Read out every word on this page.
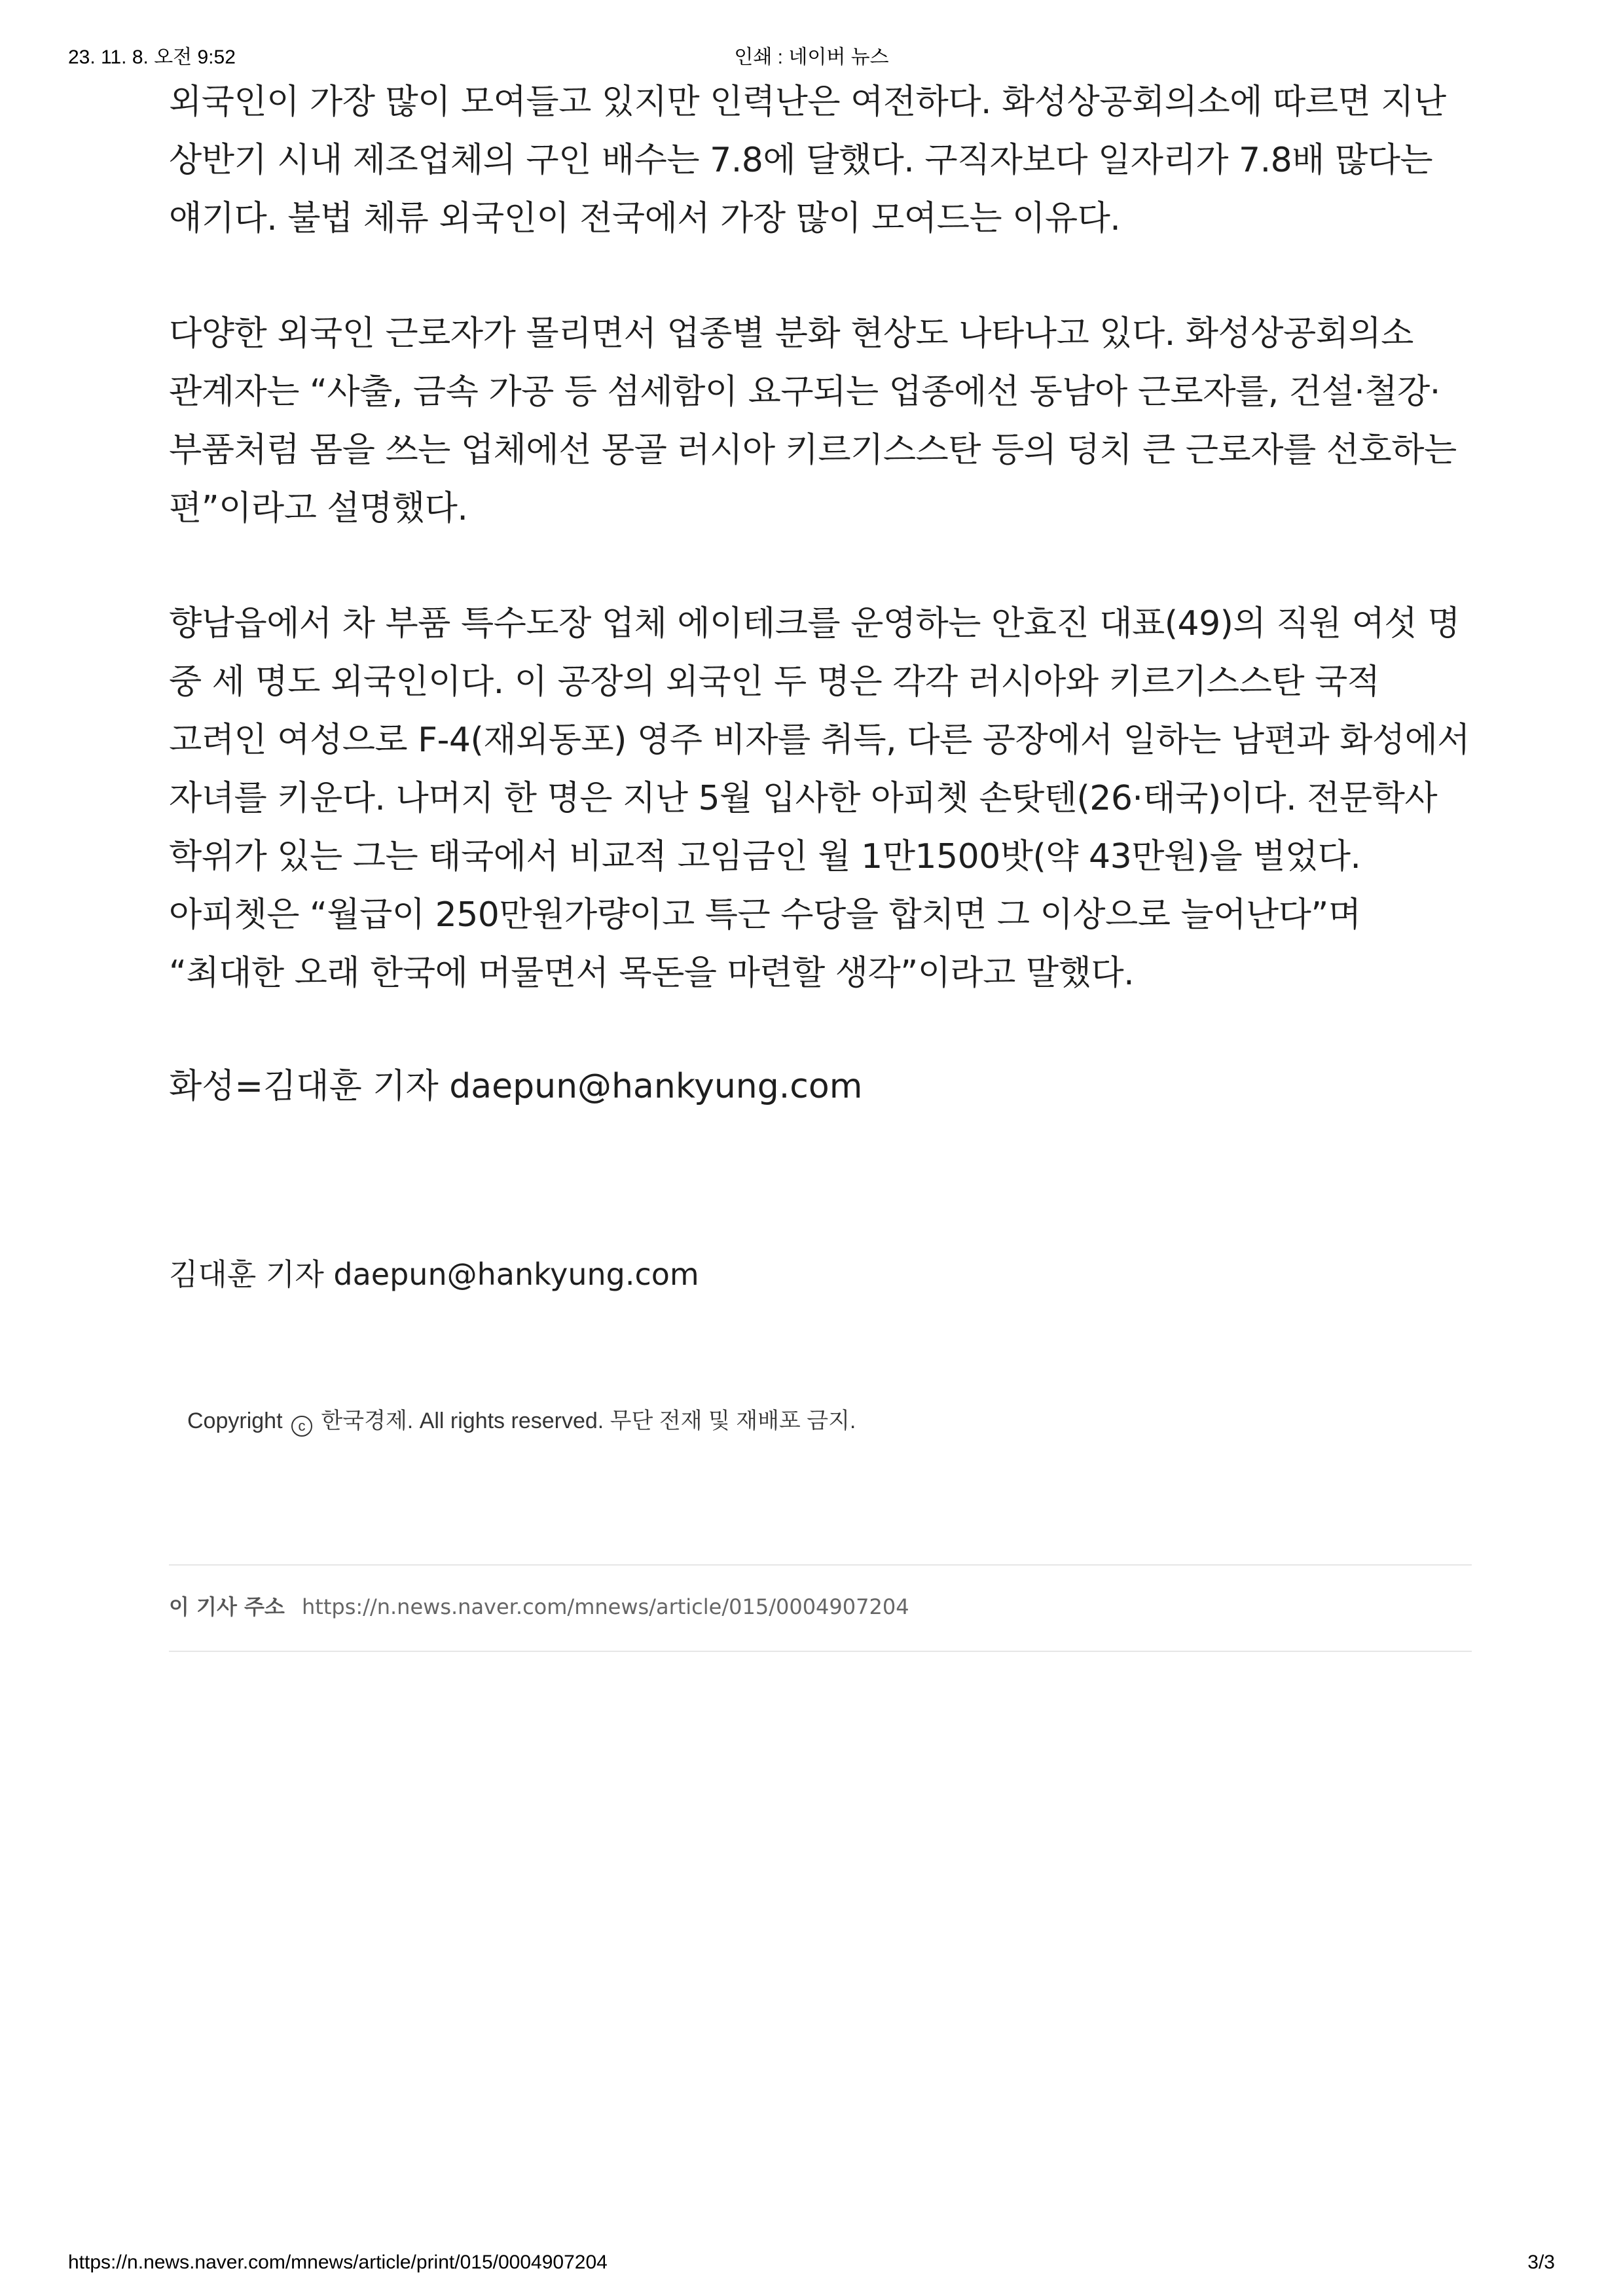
23. 11. 8. 오전 9:52	인쇄 : 네이버 뉴스

외국인이 가장 많이 모여들고 있지만 인력난은 여전하다. 화성상공회의소에 따르면 지난 상반기 시내 제조업체의 구인 배수는 7.8에 달했다. 구직자보다 일자리가 7.8배 많다는 얘기다. 불법 체류 외국인이 전국에서 가장 많이 모여드는 이유다.

다양한 외국인 근로자가 몰리면서 업종별 분화 현상도 나타나고 있다. 화성상공회의소 관계자는 “사출, 금속 가공 등 섬세함이 요구되는 업종에선 동남아 근로자를, 건설·철강·부품처럼 몸을 쓰는 업체에선 몽골 러시아 키르기스스탄 등의 덩치 큰 근로자를 선호하는 편”이라고 설명했다.

향남읍에서 차 부품 특수도장 업체 에이테크를 운영하는 안효진 대표(49)의 직원 여섯 명 중 세 명도 외국인이다. 이 공장의 외국인 두 명은 각각 러시아와 키르기스스탄 국적 고려인 여성으로 F-4(재외동포) 영주 비자를 취득, 다른 공장에서 일하는 남편과 화성에서 자녀를 키운다. 나머지 한 명은 지난 5월 입사한 아피쳇 손탓텐(26·태국)이다. 전문학사 학위가 있는 그는 태국에서 비교적 고임금인 월 1만1500밧(약 43만원)을 벌었다. 아피쳇은 “월급이 250만원가량이고 특근 수당을 합치면 그 이상으로 늘어난다”며 “최대한 오래 한국에 머물면서 목돈을 마련할 생각”이라고 말했다.

화성=김대훈 기자 daepun@hankyung.com

김대훈 기자 daepun@hankyung.com
Copyright c 한국경제. All rights reserved. 무단 전재 및 재배포 금지.
이 기사 주소 https://n.news.naver.com/mnews/article/015/0004907204
https://n.news.naver.com/mnews/article/print/015/0004907204	3/3
